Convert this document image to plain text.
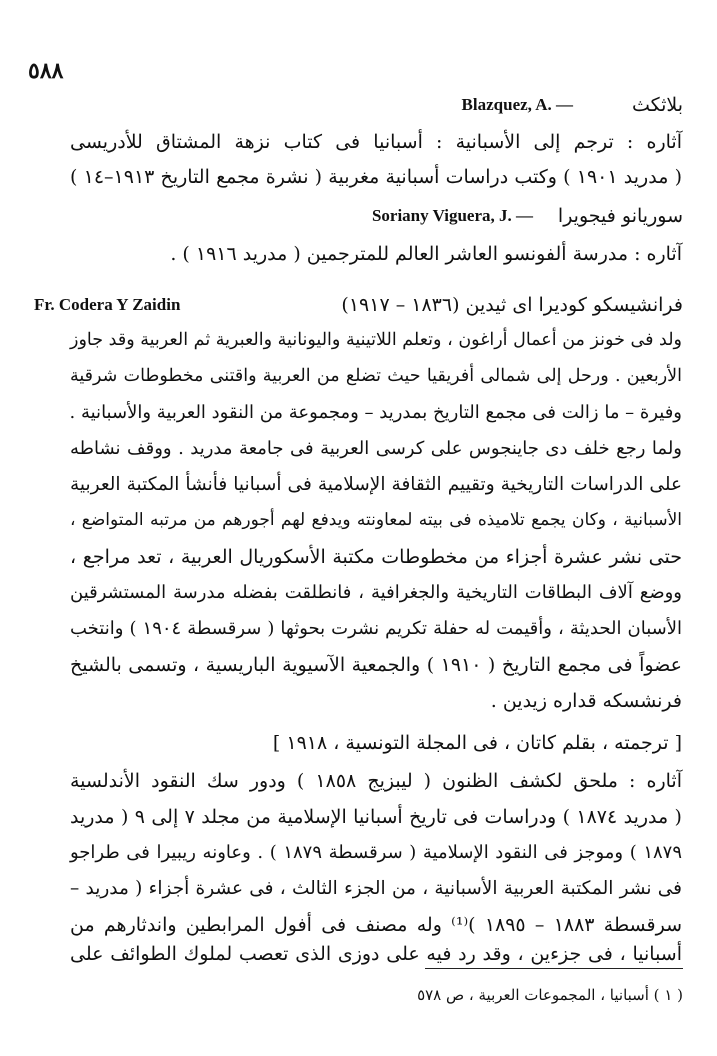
٥٨٨
بلاثكث
Blazquez, A. —
آثاره : ترجم إلى الأسبانية : أسبانيا فى كتاب نزهة المشتاق للأدريسى
( مدريد ١٩٠١ ) وكتب دراسات أسبانية مغربية ( نشرة مجمع التاريخ ١٩١٣–١٤ )
سوريانو فيجويرا
Soriany Viguera, J. —
آثاره : مدرسة ألفونسو العاشر العالم للمترجمين ( مدريد ١٩١٦ ) .
فرانشيسكو كوديرا اى ثيدين (١٨٣٦ – ١٩١٧)
Fr. Codera Y Zaidin
ولد فى خونز من أعمال أراغون ، وتعلم اللاتينية واليونانية والعبرية ثم العربية وقد جاوز
الأربعين . ورحل إلى شمالى أفريقيا حيث تضلع من العربية واقتنى مخطوطات شرقية
وفيرة – ما زالت فى مجمع التاريخ بمدريد – ومجموعة من النقود العربية والأسبانية .
ولما رجع خلف دى جاينجوس على كرسى العربية فى جامعة مدريد . ووقف نشاطه
على الدراسات التاريخية وتقييم الثقافة الإسلامية فى أسبانيا فأنشأ المكتبة العربية
الأسبانية ، وكان يجمع تلاميذه فى بيته لمعاونته ويدفع لهم أجورهم من مرتبه المتواضع ،
حتى نشر عشرة أجزاء من مخطوطات مكتبة الأسكوريال العربية ، تعد مراجع ،
ووضع آلاف البطاقات التاريخية والجغرافية ، فانطلقت بفضله مدرسة المستشرقين
الأسبان الحديثة ، وأقيمت له حفلة تكريم نشرت بحوثها ( سرقسطة ١٩٠٤ ) وانتخب
عضواً فى مجمع التاريخ ( ١٩١٠ ) والجمعية الآسيوية الباريسية ، وتسمى بالشيخ
فرنشسكه قداره زيدين .
[ ترجمته ، بقلم كاتان ، فى المجلة التونسية ، ١٩١٨ ]
آثاره : ملحق لكشف الظنون ( ليبزيج ١٨٥٨ ) ودور سك النقود الأندلسية
( مدريد ١٨٧٤ ) ودراسات فى تاريخ أسبانيا الإسلامية من مجلد ٧ إلى ٩ ( مدريد
١٨٧٩ ) وموجز فى النقود الإسلامية ( سرقسطة ١٨٧٩ ) . وعاونه ريبيرا فى طراجو
فى نشر المكتبة العربية الأسبانية ، من الجزء الثالث ، فى عشرة أجزاء ( مدريد –
سرقسطة ١٨٨٣ – ١٨٩٥ )⁽¹⁾ وله مصنف فى أفول المرابطين واندثارهم من
أسبانيا ، فى جزءين ، وقد رد فيه على دوزى الذى تعصب لملوك الطوائف على
( ١ ) أسبانيا ، المجموعات العربية ، ص ٥٧٨
